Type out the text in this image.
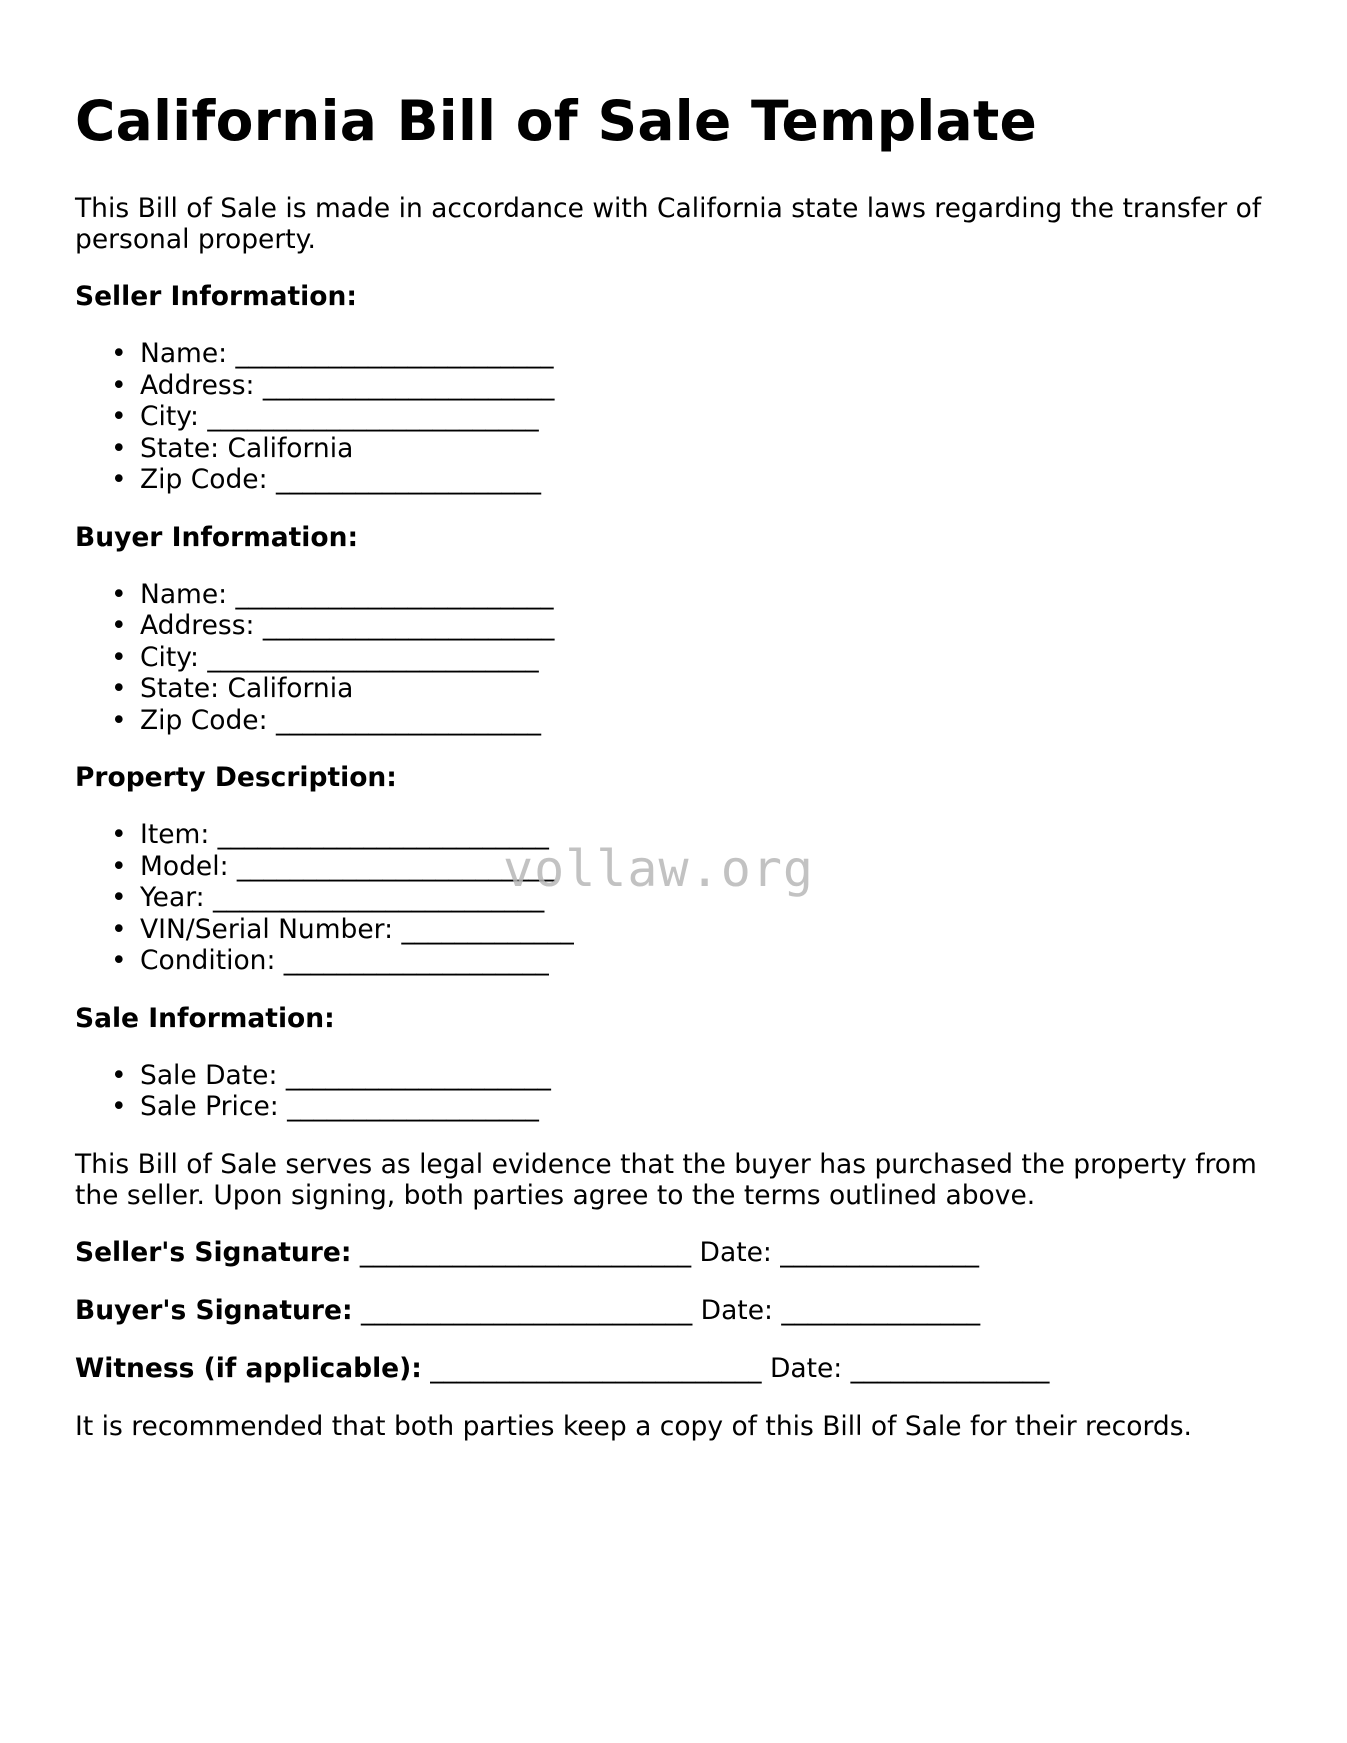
California Bill of Sale Template

This Bill of Sale is made in accordance with California state laws regarding the transfer of personal property.

Seller Information:
• Name: ________________________
• Address: ______________________
• City: _________________________
• State: California
• Zip Code: ____________________
Buyer Information:
• Name: ________________________
• Address: ______________________
• City: _________________________
• State: California
• Zip Code: ____________________
Property Description:
• Item: _________________________
• Model: ________________________
• Year: _________________________
• VIN/Serial Number: _____________
• Condition: ____________________
Sale Information:
• Sale Date: ____________________
• Sale Price: ___________________

This Bill of Sale serves as legal evidence that the buyer has purchased the property from the seller. Upon signing, both parties agree to the terms outlined above.

Seller's Signature: _________________________ Date: _______________
Buyer's Signature: _________________________ Date: _______________
Witness (if applicable): _________________________ Date: _______________

It is recommended that both parties keep a copy of this Bill of Sale for their records.

vollaw.org
